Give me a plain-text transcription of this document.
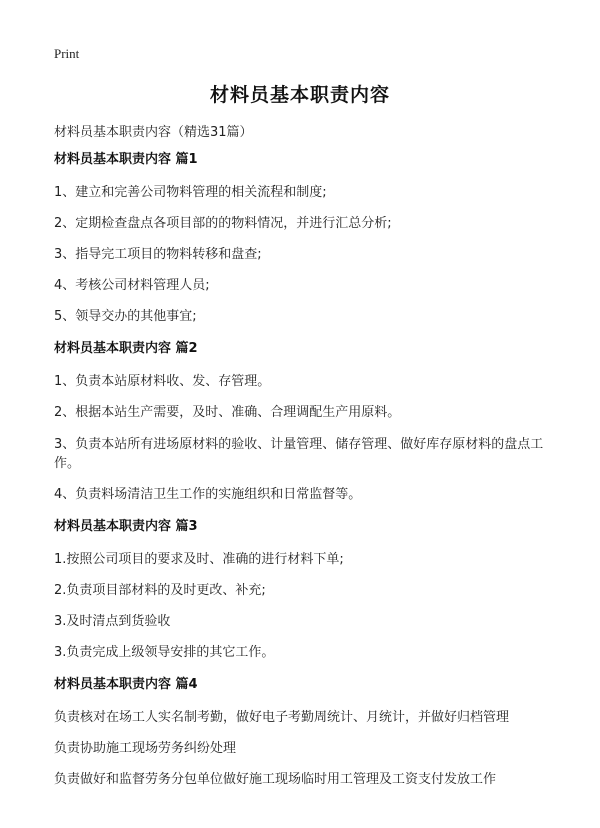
Print
材料员基本职责内容
材料员基本职责内容（精选31篇）
材料员基本职责内容 篇1
1、建立和完善公司物料管理的相关流程和制度;
2、定期检查盘点各项目部的的物料情况，并进行汇总分析;
3、指导完工项目的物料转移和盘查;
4、考核公司材料管理人员;
5、领导交办的其他事宜;
材料员基本职责内容 篇2
1、负责本站原材料收、发、存管理。
2、根据本站生产需要，及时、准确、合理调配生产用原料。
3、负责本站所有进场原材料的验收、计量管理、储存管理、做好库存原材料的盘点工作。
4、负责料场清洁卫生工作的实施组织和日常监督等。
材料员基本职责内容 篇3
1.按照公司项目的要求及时、准确的进行材料下单;
2.负责项目部材料的及时更改、补充;
3.及时清点到货验收
3.负责完成上级领导安排的其它工作。
材料员基本职责内容 篇4
负责核对在场工人实名制考勤，做好电子考勤周统计、月统计，并做好归档管理
负责协助施工现场劳务纠纷处理
负责做好和监督劳务分包单位做好施工现场临时用工管理及工资支付发放工作
